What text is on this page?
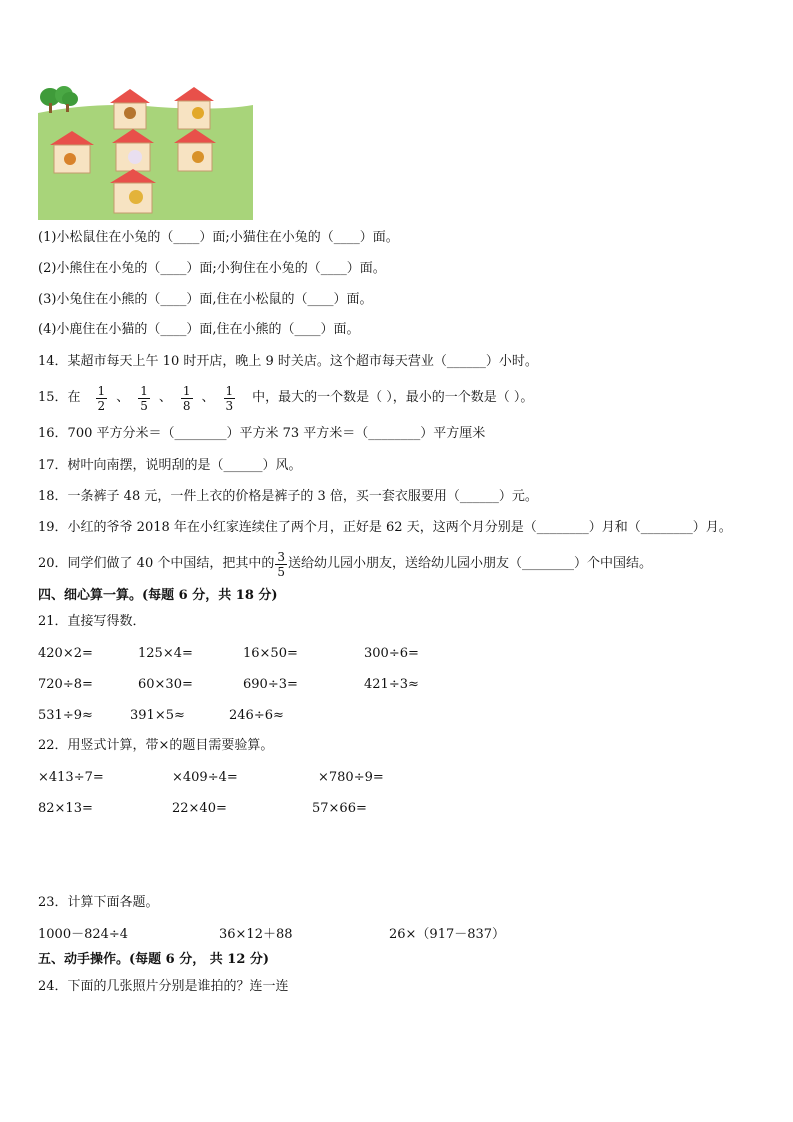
(1)小松鼠住在小兔的（____）面;小猫住在小兔的（____）面。
(2)小熊住在小兔的（____）面;小狗住在小兔的（____）面。
(3)小兔住在小熊的（____）面,住在小松鼠的（____）面。
(4)小鹿住在小猫的（____）面,住在小熊的（____）面。
14．某超市每天上午 10 时开店，晚上 9 时关店。这个超市每天营业（______）小时。
15．在 $\frac{1}{2}$ 、 $\frac{1}{5}$ 、 $\frac{1}{8}$ 、 $\frac{1}{3}$ 中，最大的一个数是（ ），最小的一个数是（ ）。
16．700 平方分米＝（________）平方米 73 平方米＝（________）平方厘米
17．树叶向南摆，说明刮的是（______）风。
18．一条裤子 48 元，一件上衣的价格是裤子的 3 倍，买一套衣服要用（______）元。
19．小红的爷爷 2018 年在小红家连续住了两个月，正好是 62 天，这两个月分别是（________）月和（________）月。
20．同学们做了 40 个中国结，把其中的 $\frac{3}{5}$ 送给幼儿园小朋友，送给幼儿园小朋友（________）个中国结。
四、细心算一算。(每题 6 分，共 18 分)
21．直接写得数．
420×2=	125×4=	16×50=	300÷6=
720÷8=	60×30=	690÷3=	421÷3≈
531÷9≈	391×5≈	246÷6≈
22．用竖式计算，带×的题目需要验算。
×413÷7=	×409÷4=	×780÷9=
82×13=	22×40=	57×66=
23．计算下面各题。
1000－824÷4	36×12＋88	26×（917－837）
五、动手操作。(每题 6 分， 共 12 分)
24．下面的几张照片分别是谁拍的？连一连
